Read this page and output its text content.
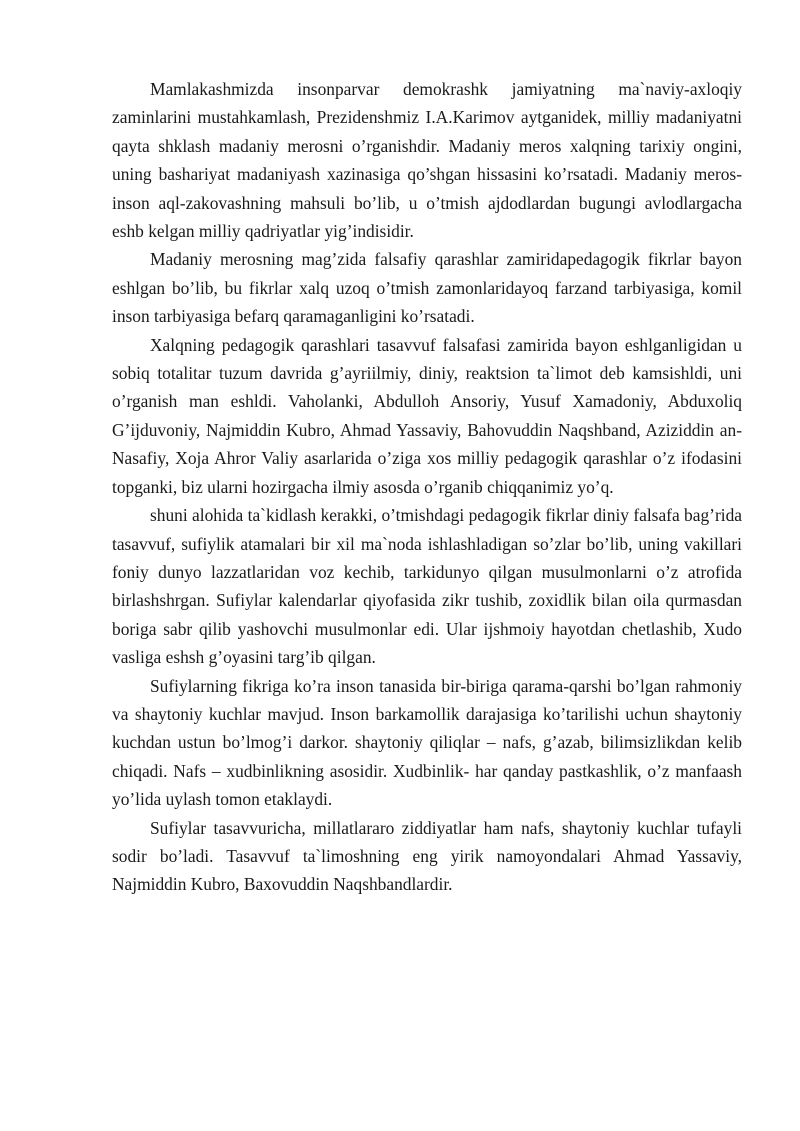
Mamlakashmizda insonparvar demokrashk jamiyatning ma`naviy-axloqiy zaminlarini mustahkamlash, Prezidenshmiz I.A.Karimov aytganidek, milliy madaniyatni qayta shklash madaniy merosni o’rganishdir. Madaniy meros xalqning tarixiy ongini, uning bashariyat madaniyash xazinasiga qo’shgan hissasini ko’rsatadi. Madaniy meros- inson aql-zakovashning mahsuli bo’lib, u o’tmish ajdodlardan bugungi avlodlargacha eshb kelgan milliy qadriyatlar yig’indisidir.

Madaniy merosning mag’zida falsafiy qarashlar zamiridapedagogik fikrlar bayon eshlgan bo’lib, bu fikrlar xalq uzoq o’tmish zamonlaridayoq farzand tarbiyasiga, komil inson tarbiyasiga befarq qaramaganligini ko’rsatadi.

Xalqning pedagogik qarashlari tasavvuf falsafasi zamirida bayon eshlganligidan u sobiq totalitar tuzum davrida g’ayriilmiy, diniy, reaktsion ta`limot deb kamsishldi, uni o’rganish man eshldi. Vaholanki, Abdulloh Ansoriy, Yusuf Xamadoniy, Abduxoliq G’ijduvoniy, Najmiddin Kubro, Ahmad Yassaviy, Bahovuddin Naqshband, Aziziddin an-Nasafiy, Xoja Ahror Valiy asarlarida o’ziga xos milliy pedagogik qarashlar o’z ifodasini topganki, biz ularni hozirgacha ilmiy asosda o’rganib chiqqanimiz yo’q.

shuni alohida ta`kidlash kerakki, o’tmishdagi pedagogik fikrlar diniy falsafa bag’rida tasavvuf, sufiylik atamalari bir xil ma`noda ishlashladigan so’zlar bo’lib, uning vakillari foniy dunyo lazzatlaridan voz kechib, tarkidunyo qilgan musulmonlarni o’z atrofida birlashshrgan. Sufiylar kalendarlar qiyofasida zikr tushib, zoxidlik bilan oila qurmasdan boriga sabr qilib yashovchi musulmonlar edi. Ular ijshmoiy hayotdan chetlashib, Xudo vasliga eshsh g’oyasini targ’ib qilgan.

Sufiylarning fikriga ko’ra inson tanasida bir-biriga qarama-qarshi bo’lgan rahmoniy va shaytoniy kuchlar mavjud. Inson barkamollik darajasiga ko’tarilishi uchun shaytoniy kuchdan ustun bo’lmog’i darkor. shaytoniy qiliqlar – nafs, g’azab, bilimsizlikdan kelib chiqadi. Nafs – xudbinlikning asosidir. Xudbinlik- har qanday pastkashlik, o’z manfaash yo’lida uylash tomon etaklaydi.

Sufiylar tasavvuricha, millatlararo ziddiyatlar ham nafs, shaytoniy kuchlar tufayli sodir bo’ladi. Tasavvuf ta`limoshning eng yirik namoyondalari Ahmad Yassaviy, Najmiddin Kubro, Baxovuddin Naqshbandlardir.
